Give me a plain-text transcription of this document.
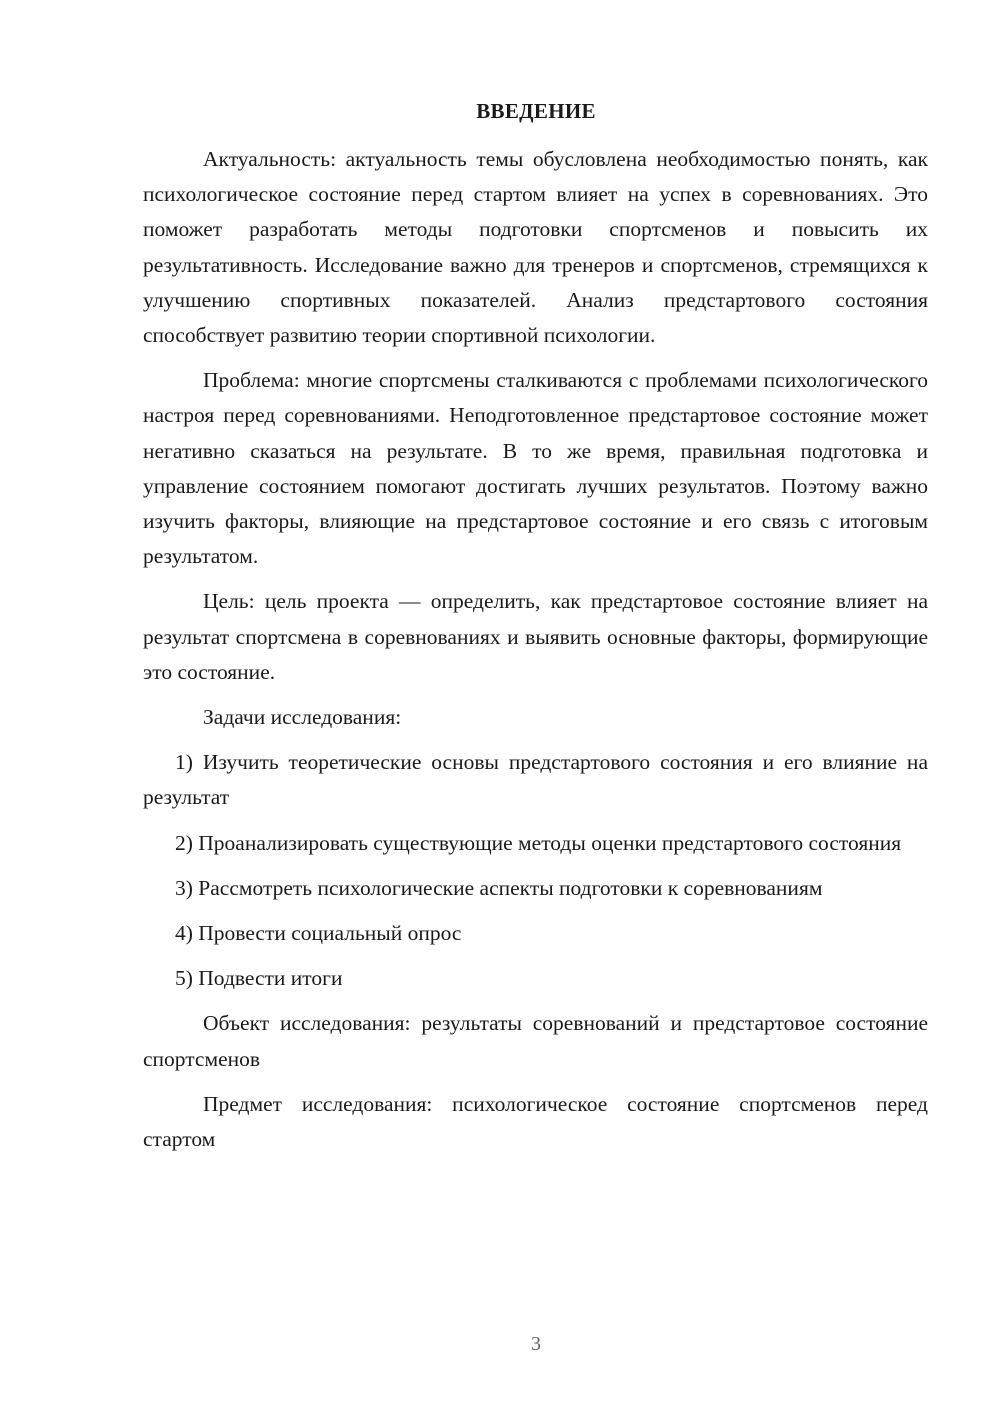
ВВЕДЕНИЕ

Актуальность: актуальность темы обусловлена необходимостью понять, как психологическое состояние перед стартом влияет на успех в соревнованиях. Это поможет разработать методы подготовки спортсменов и повысить их результативность. Исследование важно для тренеров и спортсменов, стремящихся к улучшению спортивных показателей. Анализ предстартового состояния способствует развитию теории спортивной психологии.

Проблема: многие спортсмены сталкиваются с проблемами психологического настроя перед соревнованиями. Неподготовленное предстартовое состояние может негативно сказаться на результате. В то же время, правильная подготовка и управление состоянием помогают достигать лучших результатов. Поэтому важно изучить факторы, влияющие на предстартовое состояние и его связь с итоговым результатом.

Цель: цель проекта — определить, как предстартовое состояние влияет на результат спортсмена в соревнованиях и выявить основные факторы, формирующие это состояние.

Задачи исследования:

1) Изучить теоретические основы предстартового состояния и его влияние на результат

2) Проанализировать существующие методы оценки предстартового состояния

3) Рассмотреть психологические аспекты подготовки к соревнованиям

4) Провести социальный опрос

5) Подвести итоги

Объект исследования: результаты соревнований и предстартовое состояние спортсменов

Предмет исследования: психологическое состояние спортсменов перед стартом

3
